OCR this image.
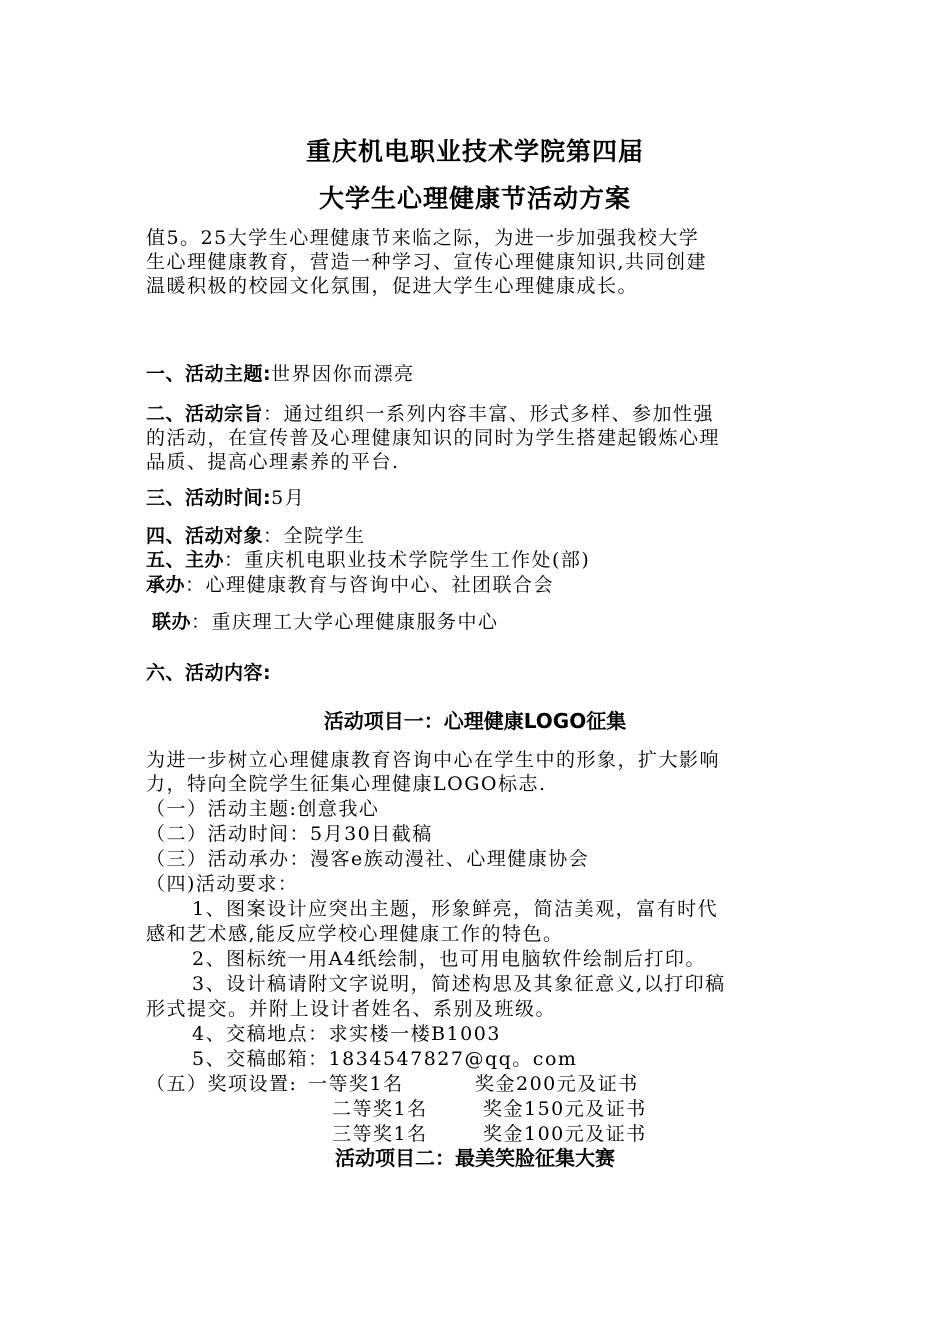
重庆机电职业技术学院第四届
大学生心理健康节活动方案
值5。25大学生心理健康节来临之际，为进一步加强我校大学
生心理健康教育，营造一种学习、宣传心理健康知识,共同创建
温暖积极的校园文化氛围，促进大学生心理健康成长。
一、活动主题:世界因你而漂亮
二、活动宗旨：通过组织一系列内容丰富、形式多样、参加性强
的活动，在宣传普及心理健康知识的同时为学生搭建起锻炼心理
品质、提高心理素养的平台.
三、活动时间:5月
四、活动对象：全院学生
五、主办：重庆机电职业技术学院学生工作处(部)
承办：心理健康教育与咨询中心、社团联合会
联办：重庆理工大学心理健康服务中心
六、活动内容:
活动项目一：心理健康LOGO征集
为进一步树立心理健康教育咨询中心在学生中的形象，扩大影响
力，特向全院学生征集心理健康LOGO标志.
（一）活动主题:创意我心
（二）活动时间：5月30日截稿
（三）活动承办：漫客e族动漫社、心理健康协会
（四)活动要求：
1、图案设计应突出主题，形象鲜亮，简洁美观，富有时代
感和艺术感,能反应学校心理健康工作的特色。
2、图标统一用A4纸绘制，也可用电脑软件绘制后打印。
3、设计稿请附文字说明，简述构思及其象征意义,以打印稿
形式提交。并附上设计者姓名、系别及班级。
4、交稿地点：求实楼一楼B1003
5、交稿邮箱：1834547827@qq。com
（五）奖项设置: 一等奖1名	奖金200元及证书
二等奖1名	奖金150元及证书
三等奖1名	奖金100元及证书
活动项目二：最美笑脸征集大赛
